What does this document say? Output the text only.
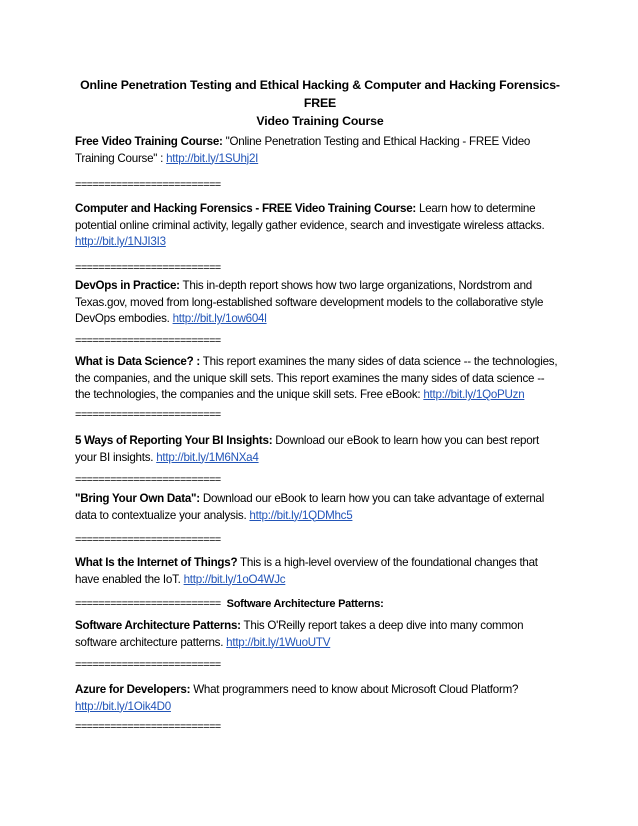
Online Penetration Testing and Ethical Hacking & Computer and Hacking Forensics- FREE
Video Training Course
Free Video Training Course: "Online Penetration Testing and Ethical Hacking - FREE Video Training Course" : http://bit.ly/1SUhj2I
=========================
Computer and Hacking Forensics - FREE Video Training Course: Learn how to determine potential online criminal activity, legally gather evidence, search and investigate wireless attacks. http://bit.ly/1NJI3I3
=========================
DevOps in Practice: This in-depth report shows how two large organizations, Nordstrom and Texas.gov, moved from long-established software development models to the collaborative style DevOps embodies. http://bit.ly/1ow604l
=========================
What is Data Science? : This report examines the many sides of data science -- the technologies, the companies, and the unique skill sets. This report examines the many sides of data science -- the technologies, the companies and the unique skill sets. Free eBook: http://bit.ly/1QoPUzn
=========================
5 Ways of Reporting Your BI Insights: Download our eBook to learn how you can best report your BI insights. http://bit.ly/1M6NXa4
=========================
"Bring Your Own Data": Download our eBook to learn how you can take advantage of external data to contextualize your analysis. http://bit.ly/1QDMhc5
=========================
What Is the Internet of Things? This is a high-level overview of the foundational changes that have enabled the IoT. http://bit.ly/1oO4WJc
========================= Software Architecture Patterns:
Software Architecture Patterns: This O'Reilly report takes a deep dive into many common software architecture patterns. http://bit.ly/1WuoUTV
=========================
Azure for Developers: What programmers need to know about Microsoft Cloud Platform? http://bit.ly/1Oik4D0
=========================
